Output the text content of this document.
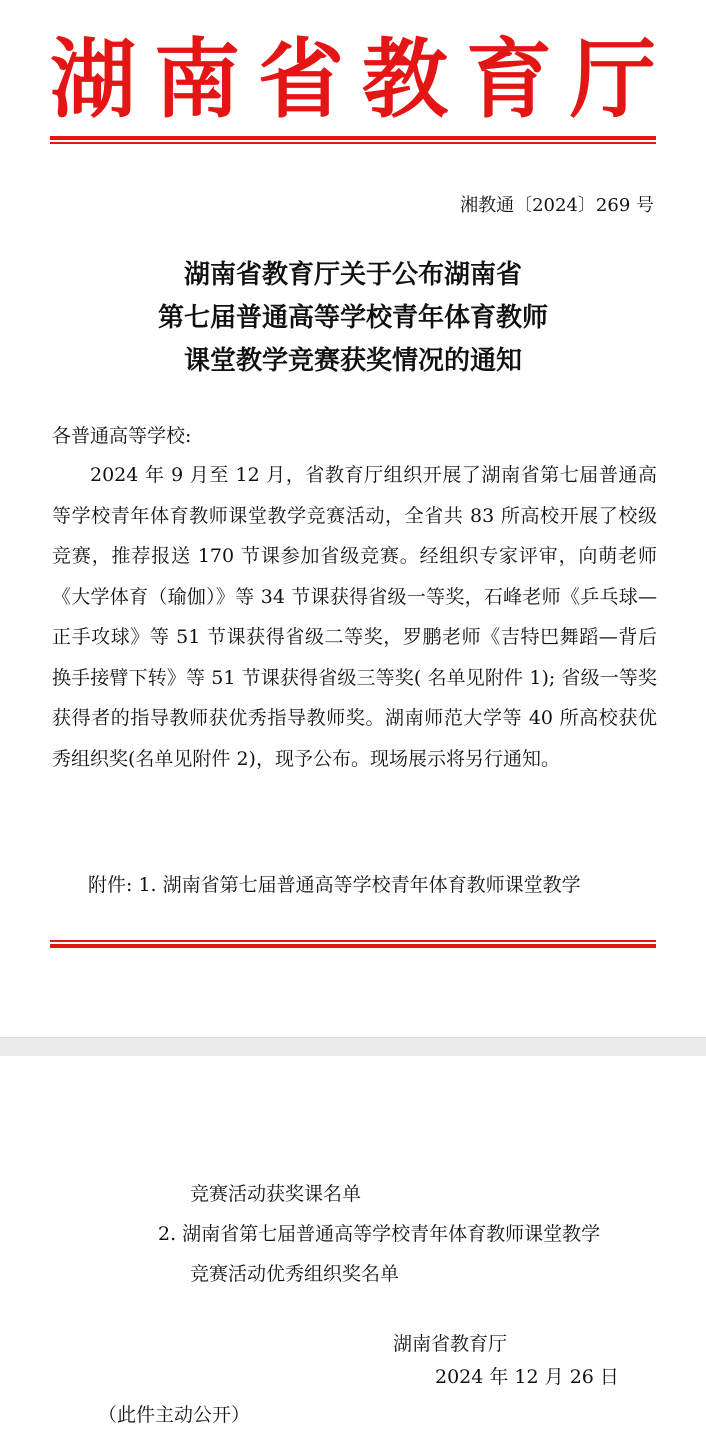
湖 南 省 教 育 厅
湘教通〔2024〕269 号
湖南省教育厅关于公布湖南省
第七届普通高等学校青年体育教师
课堂教学竞赛获奖情况的通知
各普通高等学校:
2024 年 9 月至 12 月，省教育厅组织开展了湖南省第七届普通高等学校青年体育教师课堂教学竞赛活动，全省共 83 所高校开展了校级竞赛，推荐报送 170 节课参加省级竞赛。经组织专家评审，向萌老师《大学体育（瑜伽）》等 34 节课获得省级一等奖，石峰老师《乒乓球—正手攻球》等 51 节课获得省级二等奖，罗鹏老师《吉特巴舞蹈—背后换手接臂下转》等 51 节课获得省级三等奖( 名单见附件 1); 省级一等奖获得者的指导教师获优秀指导教师奖。湖南师范大学等 40 所高校获优秀组织奖(名单见附件 2)，现予公布。现场展示将另行通知。
附件: 1. 湖南省第七届普通高等学校青年体育教师课堂教学
竞赛活动获奖课名单
2. 湖南省第七届普通高等学校青年体育教师课堂教学
竞赛活动优秀组织奖名单
湖南省教育厅
2024 年 12 月 26 日
（此件主动公开）
